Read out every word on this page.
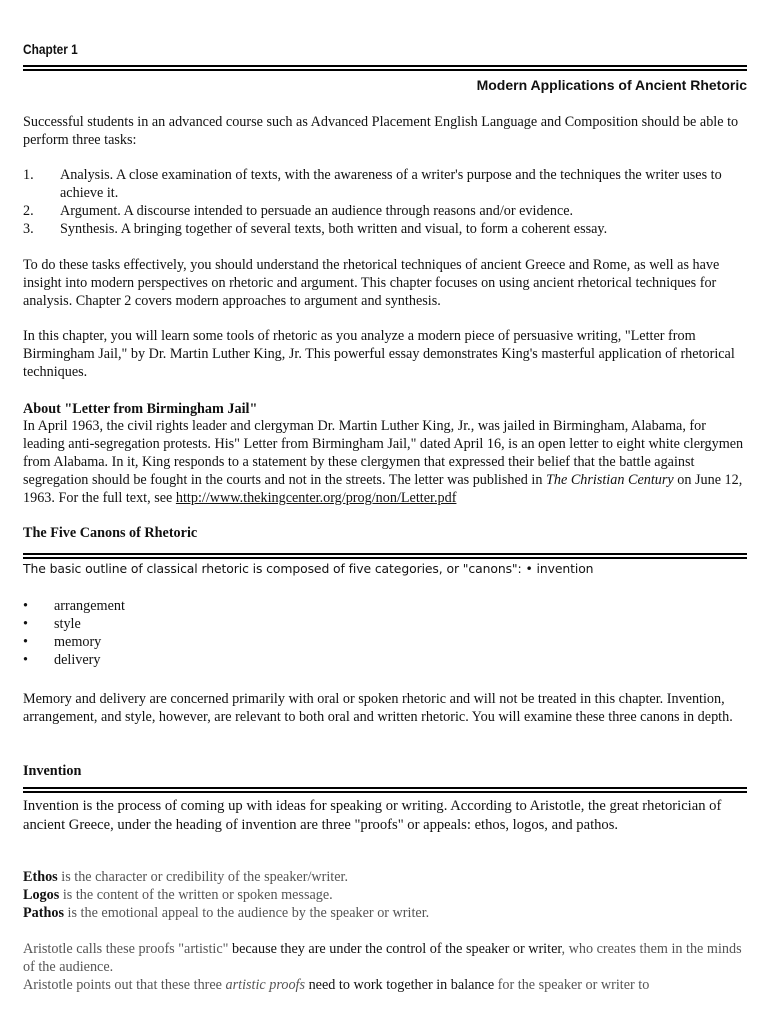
Chapter 1
Modern Applications of Ancient Rhetoric
Successful students in an advanced course such as Advanced Placement English Language and Composition should be able to perform three tasks:
1.	Analysis. A close examination of texts, with the awareness of a writer's purpose and the techniques the writer uses to achieve it.
2.	Argument. A discourse intended to persuade an audience through reasons and/or evidence.
3.	Synthesis. A bringing together of several texts, both written and visual, to form a coherent essay.
To do these tasks effectively, you should understand the rhetorical techniques of ancient Greece and Rome, as well as have insight into modern perspectives on rhetoric and argument. This chapter focuses on using ancient rhetorical techniques for analysis. Chapter 2 covers modern approaches to argument and synthesis.
In this chapter, you will learn some tools of rhetoric as you analyze a modern piece of persuasive writing, "Letter from Birmingham Jail," by Dr. Martin Luther King, Jr. This powerful essay demonstrates King's masterful application of rhetorical techniques.
About "Letter from Birmingham Jail"
In April 1963, the civil rights leader and clergyman Dr. Martin Luther King, Jr., was jailed in Birmingham, Alabama, for leading anti-segregation protests. His" Letter from Birmingham Jail," dated April 16, is an open letter to eight white clergymen from Alabama. In it, King responds to a statement by these clergymen that expressed their belief that the battle against segregation should be fought in the courts and not in the streets. The letter was published in The Christian Century on June 12, 1963. For the full text, see http://www.thekingcenter.org/prog/non/Letter.pdf
The Five Canons of Rhetoric
The basic outline of classical rhetoric is composed of five categories, or "canons": • invention
•	arrangement
•	style
•	memory
•	delivery
Memory and delivery are concerned primarily with oral or spoken rhetoric and will not be treated in this chapter. Invention, arrangement, and style, however, are relevant to both oral and written rhetoric. You will examine these three canons in depth.
Invention
Invention is the process of coming up with ideas for speaking or writing. According to Aristotle, the great rhetorician of ancient Greece, under the heading of invention are three "proofs" or appeals: ethos, logos, and pathos.
Ethos is the character or credibility of the speaker/writer.
Logos is the content of the written or spoken message.
Pathos is the emotional appeal to the audience by the speaker or writer.
Aristotle calls these proofs "artistic" because they are under the control of the speaker or writer, who creates them in the minds of the audience.
Aristotle points out that these three artistic proofs need to work together in balance for the speaker or writer to
